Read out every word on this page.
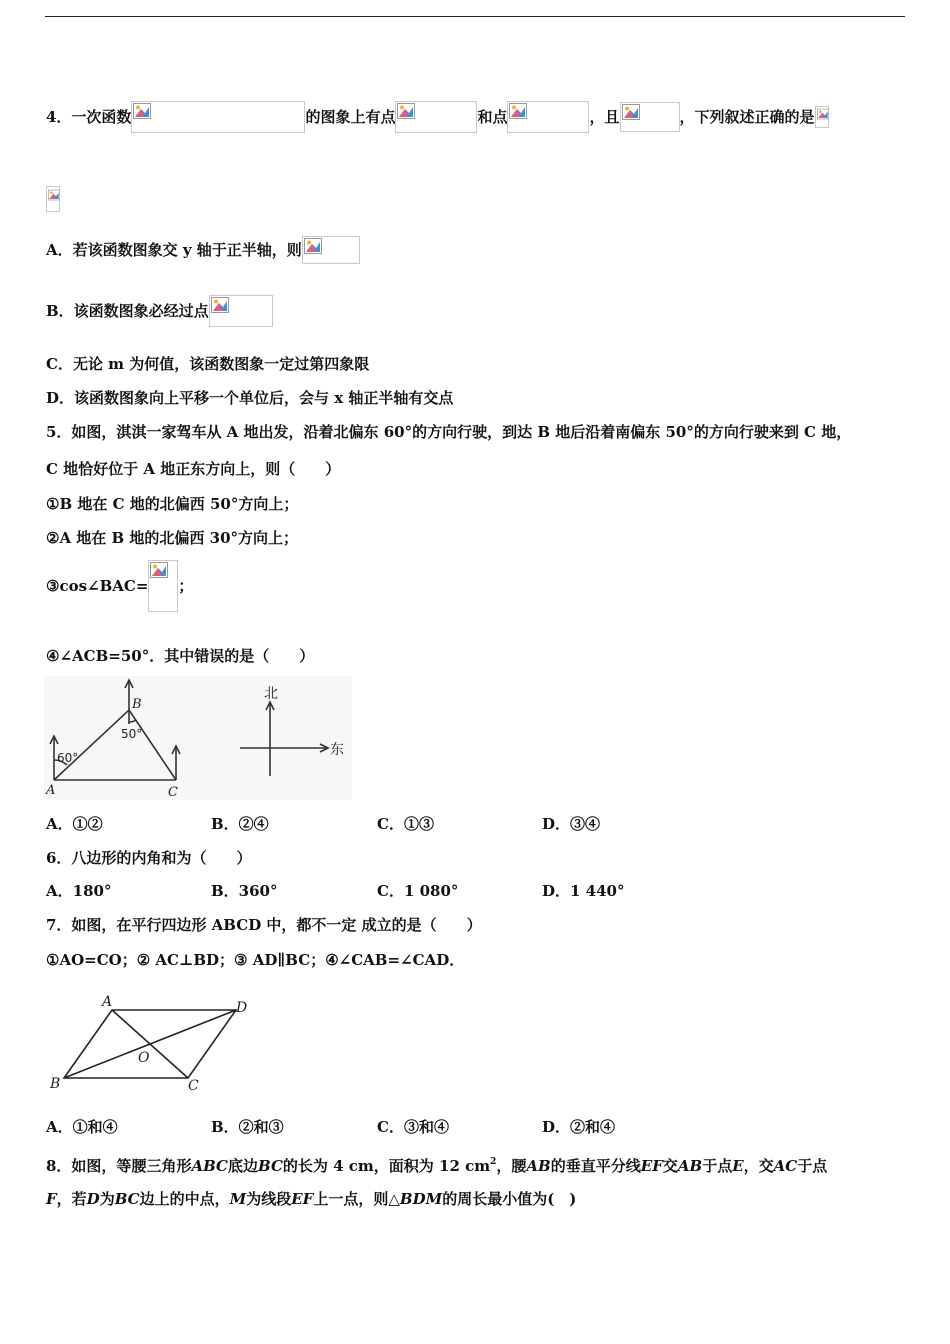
4．一次函数	的图象上有点	和点	，且	，下列叙述正确的是
A．若该函数图象交 y 轴于正半轴，则
B．该函数图象必经过点
C．无论 m 为何值，该函数图象一定过第四象限
D．该函数图象向上平移一个单位后，会与 x 轴正半轴有交点
5．如图，淇淇一家驾车从 A 地出发，沿着北偏东 60°的方向行驶，到达 B 地后沿着南偏东 50°的方向行驶来到 C 地，
C 地恰好位于 A 地正东方向上，则（　　）
①B 地在 C 地的北偏西 50°方向上；
②A 地在 B 地的北偏西 30°方向上；
③cos∠BAC= ；
④∠ACB=50°．其中错误的是（　　）
A
B
C
60°
50°
北
东
A．①②	B．②④	C．①③	D．③④
6．八边形的内角和为（　　）
A．180°	B．360°	C．1 080°	D．1 440°
7．如图，在平行四边形 ABCD 中，都不一定 成立的是（　　）
①AO=CO；② AC⊥BD；③ AD∥BC；④∠CAB=∠CAD．
A	D
B	C
O
A．①和④	B．②和③	C．③和④	D．②和④
8．如图，等腰三角形ABC底边BC的长为 4 cm，面积为 12 $cm^2$，腰AB的垂直平分线EF交AB于点E，交AC于点
F，若D为BC边上的中点，M为线段EF上一点，则△BDM的周长最小值为(　)
